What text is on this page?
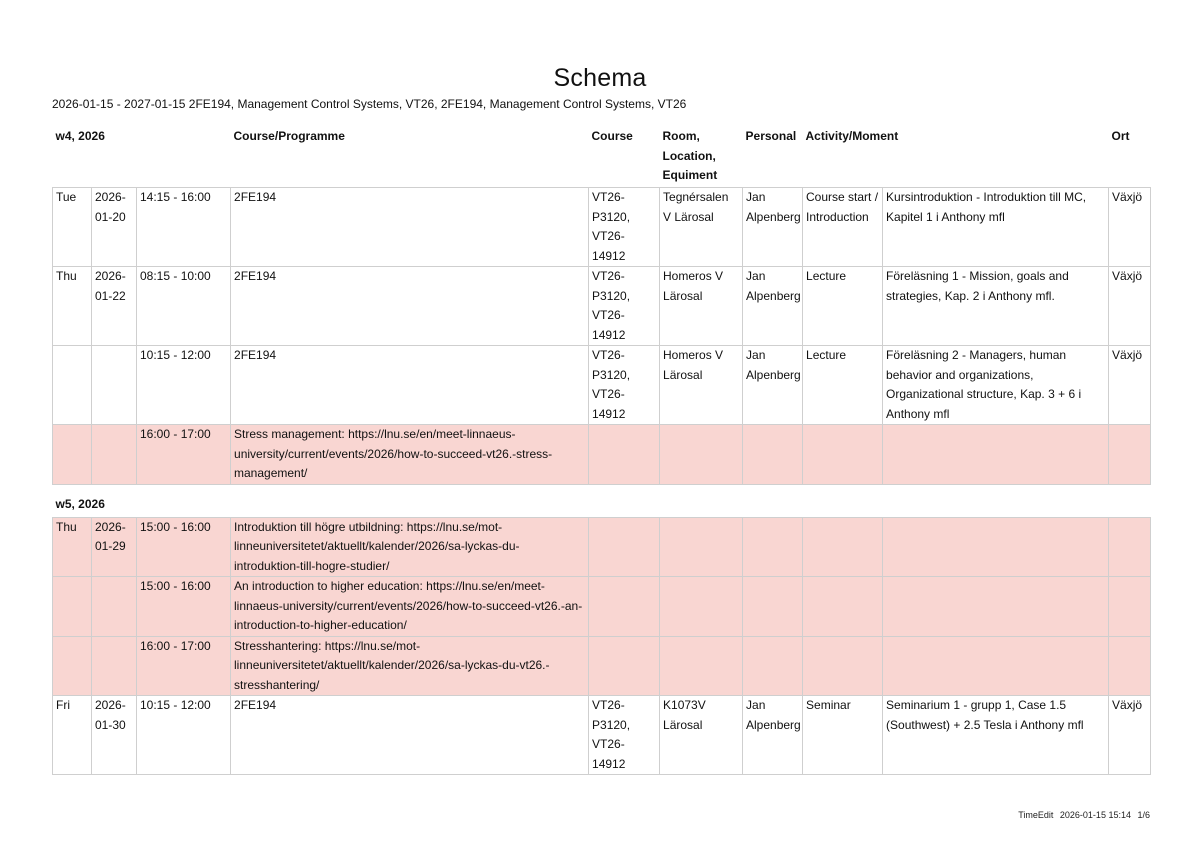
Schema
2026-01-15 - 2027-01-15 2FE194, Management Control Systems, VT26, 2FE194, Management Control Systems, VT26
w4, 2026			Course/Programme	Course	Room, Location, Equiment	Personal	Activity/Moment		Ort
Tue	2026-01-20	14:15 - 16:00	2FE194	VT26-P3120, VT26-14912	Tegnérsalen V Lärosal	Jan Alpenberg	Course start / Introduction	Kursintroduktion - Introduktion till MC, Kapitel 1 i Anthony mfl	Växjö
Thu	2026-01-22	08:15 - 10:00	2FE194	VT26-P3120, VT26-14912	Homeros V Lärosal	Jan Alpenberg	Lecture	Föreläsning 1 - Mission, goals and strategies, Kap. 2 i Anthony mfl.	Växjö
		10:15 - 12:00	2FE194	VT26-P3120, VT26-14912	Homeros V Lärosal	Jan Alpenberg	Lecture	Föreläsning 2 - Managers, human behavior and organizations, Organizational structure, Kap. 3 + 6 i Anthony mfl	Växjö
		16:00 - 17:00	Stress management: https://lnu.se/en/meet-linnaeus-university/current/events/2026/how-to-succeed-vt26.-stress-management/						
w5, 2026									
Thu	2026-01-29	15:00 - 16:00	Introduktion till högre utbildning: https://lnu.se/mot-linneuniversitetet/aktuellt/kalender/2026/sa-lyckas-du-introduktion-till-hogre-studier/						
		15:00 - 16:00	An introduction to higher education: https://lnu.se/en/meet-linnaeus-university/current/events/2026/how-to-succeed-vt26.-an-introduction-to-higher-education/						
		16:00 - 17:00	Stresshantering: https://lnu.se/mot-linneuniversitetet/aktuellt/kalender/2026/sa-lyckas-du-vt26.-stresshantering/						
Fri	2026-01-30	10:15 - 12:00	2FE194	VT26-P3120, VT26-14912	K1073V Lärosal	Jan Alpenberg	Seminar	Seminarium 1 - grupp 1, Case 1.5 (Southwest) + 2.5 Tesla i Anthony mfl	Växjö
TimeEdit 2026-01-15 15:14 1/6
